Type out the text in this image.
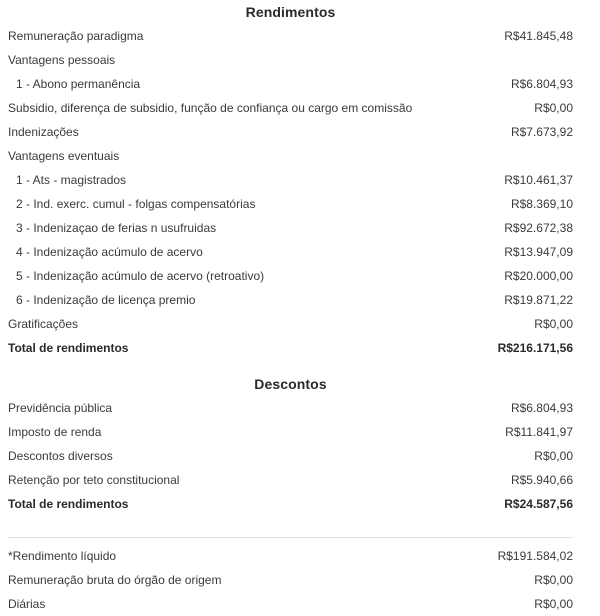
Rendimentos
Remuneração paradigma	R$41.845,48
Vantagens pessoais
1 - Abono permanência	R$6.804,93
Subsidio, diferença de subsidio, função de confiança ou cargo em comissão	R$0,00
Indenizações	R$7.673,92
Vantagens eventuais
1 - Ats - magistrados	R$10.461,37
2 - Ind. exerc. cumul - folgas compensatórias	R$8.369,10
3 - Indenizaçao de ferias n usufruidas	R$92.672,38
4 - Indenização acúmulo de acervo	R$13.947,09
5 - Indenização acúmulo de acervo (retroativo)	R$20.000,00
6 - Indenização de licença premio	R$19.871,22
Gratificações	R$0,00
Total de rendimentos	R$216.171,56
Descontos
Previdência pública	R$6.804,93
Imposto de renda	R$11.841,97
Descontos diversos	R$0,00
Retenção por teto constitucional	R$5.940,66
Total de rendimentos	R$24.587,56
*Rendimento líquido	R$191.584,02
Remuneração bruta do órgão de origem	R$0,00
Diárias	R$0,00
